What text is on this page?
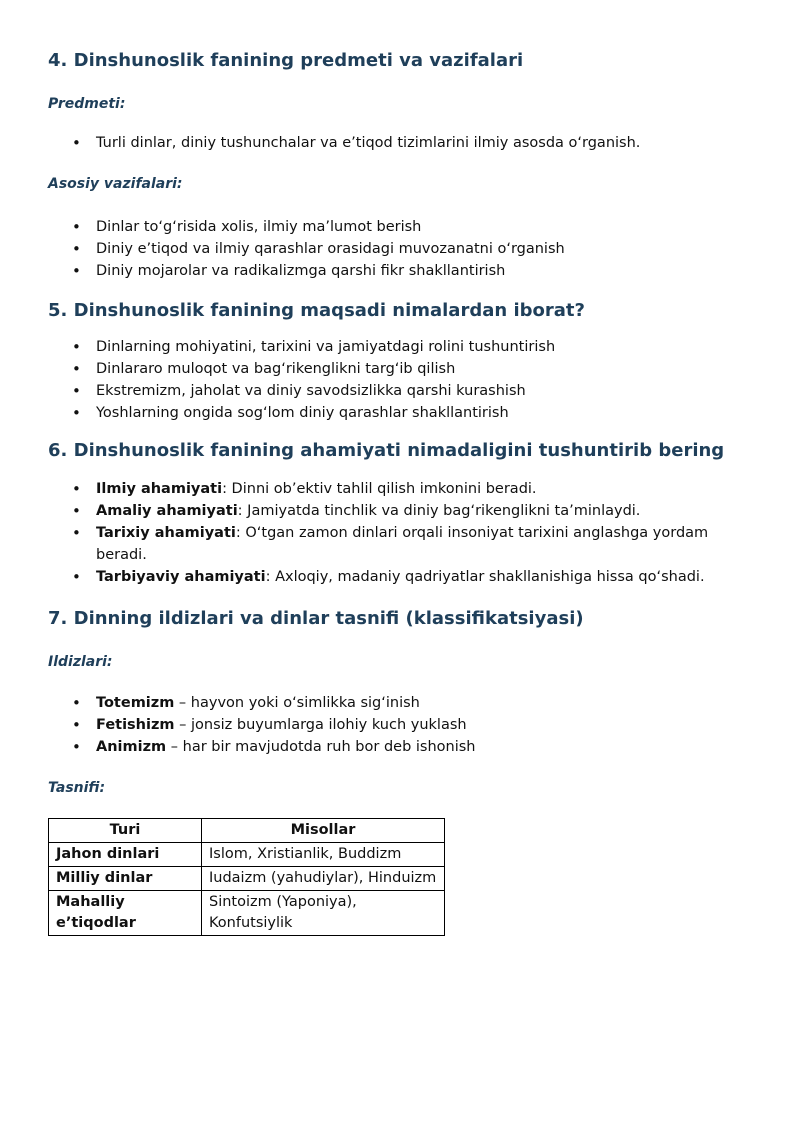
4. Dinshunoslik fanining predmeti va vazifalari

Predmeti:

• Turli dinlar, diniy tushunchalar va e’tiqod tizimlarini ilmiy asosda o‘rganish.

Asosiy vazifalari:

• Dinlar to‘g‘risida xolis, ilmiy ma’lumot berish
• Diniy e’tiqod va ilmiy qarashlar orasidagi muvozanatni o‘rganish
• Diniy mojarolar va radikalizmga qarshi fikr shakllantirish
5. Dinshunoslik fanining maqsadi nimalardan iborat?
• Dinlarning mohiyatini, tarixini va jamiyatdagi rolini tushuntirish
• Dinlararo muloqot va bag‘rikenglikni targ‘ib qilish
• Ekstremizm, jaholat va diniy savodsizlikka qarshi kurashish
• Yoshlarning ongida sog‘lom diniy qarashlar shakllantirish
6. Dinshunoslik fanining ahamiyati nimadaligini tushuntirib bering
• Ilmiy ahamiyati: Dinni ob’ektiv tahlil qilish imkonini beradi.
• Amaliy ahamiyati: Jamiyatda tinchlik va diniy bag‘rikenglikni ta’minlaydi.
• Tarixiy ahamiyati: O‘tgan zamon dinlari orqali insoniyat tarixini anglashga yordam beradi.
• Tarbiyaviy ahamiyati: Axloqiy, madaniy qadriyatlar shakllanishiga hissa qo‘shadi.
7. Dinning ildizlari va dinlar tasnifi (klassifikatsiyasi)

Ildizlari:

• Totemizm – hayvon yoki o‘simlikka sig‘inish
• Fetishizm – jonsiz buyumlarga ilohiy kuch yuklash
• Animizm – har bir mavjudotda ruh bor deb ishonish

Tasnifi:

Turi	Misollar
Jahon dinlari	Islom, Xristianlik, Buddizm
Milliy dinlar	Iudaizm (yahudiylar), Hinduizm
Mahalliy e’tiqodlar	Sintoizm (Yaponiya), Konfutsiylik
